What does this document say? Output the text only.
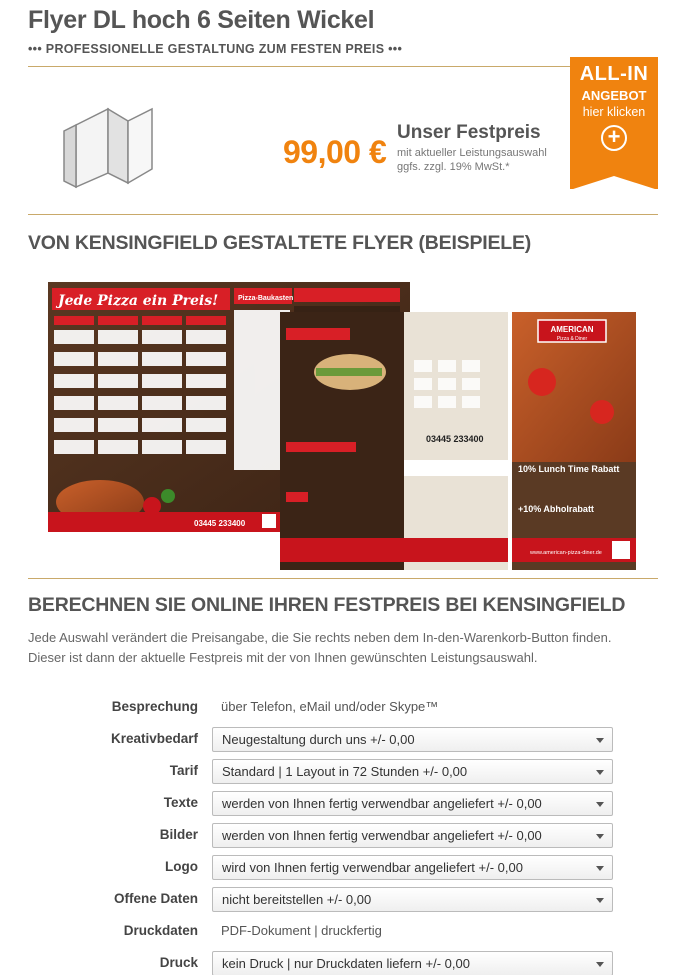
Flyer DL hoch 6 Seiten Wickel
••• PROFESSIONELLE GESTALTUNG ZUM FESTEN PREIS •••
ALL-IN
ANGEBOT
hier klicken
+
99,00 €
Unser Festpreis
mit aktueller Leistungsauswahl
ggfs. zzgl. 19% MwSt.*
VON KENSINGFIELD GESTALTETE FLYER (BEISPIELE)
Jede Pizza ein Preis!	Pizza-Baukasten
03445 233400
03445 233400
AMERICAN
Pizza & Diner
10% Lunch Time Rabatt
+10% Abholrabatt
www.american-pizza-diner.de
BERECHNEN SIE ONLINE IHREN FESTPREIS BEI KENSINGFIELD
Jede Auswahl verändert die Preisangabe, die Sie rechts neben dem In-den-Warenkorb-Button finden.
Dieser ist dann der aktuelle Festpreis mit der von Ihnen gewünschten Leistungsauswahl.
Besprechung über Telefon, eMail und/oder Skype™
Kreativbedarf	Neugestaltung durch uns +/- 0,00
Tarif	Standard | 1 Layout in 72 Stunden +/- 0,00
Texte	werden von Ihnen fertig verwendbar angeliefert +/- 0,00
Bilder	werden von Ihnen fertig verwendbar angeliefert +/- 0,00
Logo	wird von Ihnen fertig verwendbar angeliefert +/- 0,00
Offene Daten	nicht bereitstellen +/- 0,00
Druckdaten PDF-Dokument | druckfertig
Druck	kein Druck | nur Druckdaten liefern +/- 0,00
